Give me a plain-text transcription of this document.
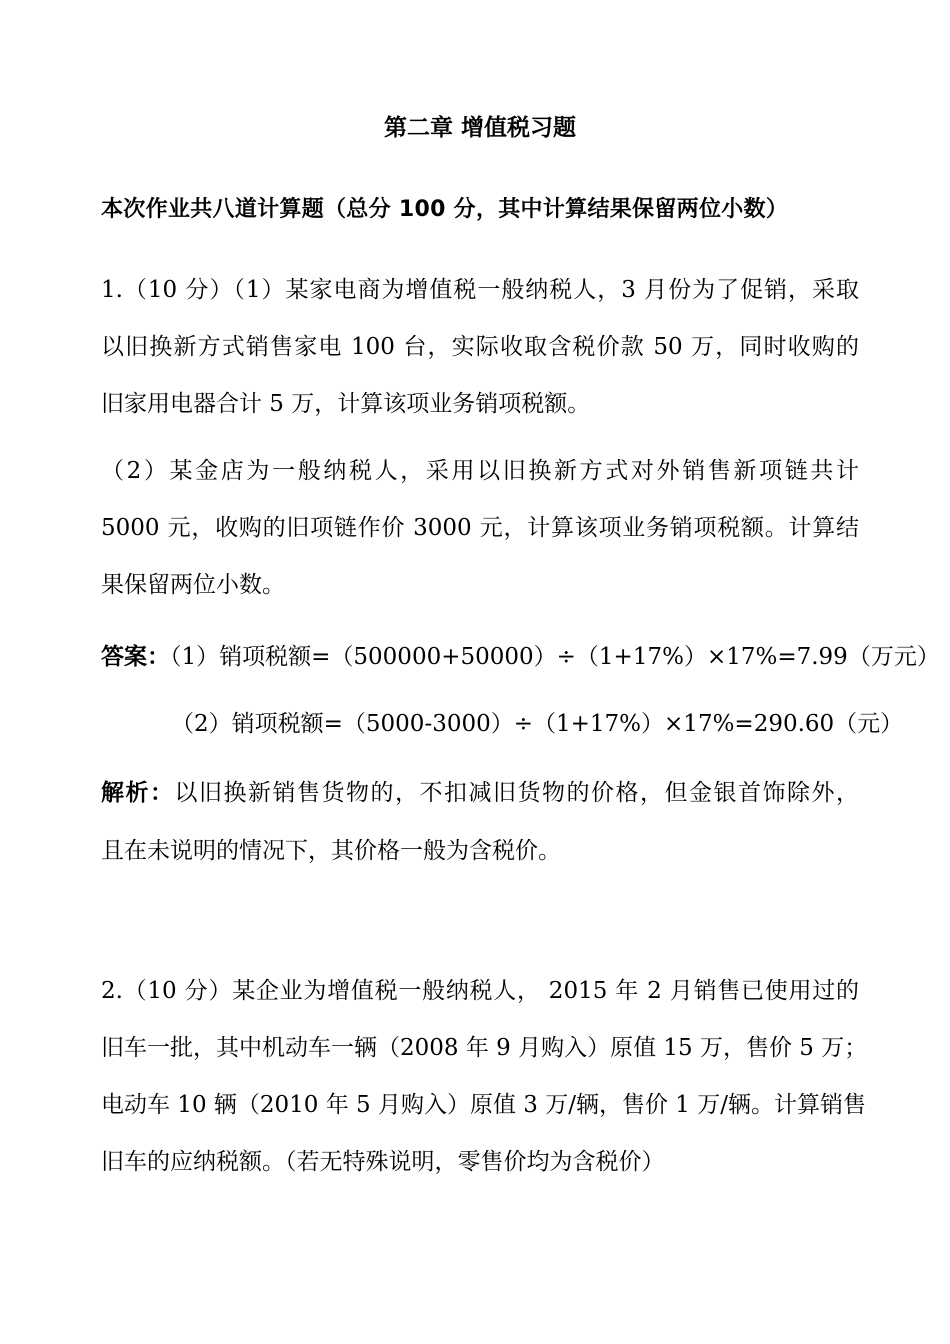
第二章 增值税习题
本次作业共八道计算题（总分 100 分，其中计算结果保留两位小数）
1.（10 分）（1）某家电商为增值税一般纳税人，3 月份为了促销，采取
以旧换新方式销售家电 100 台，实际收取含税价款 50 万，同时收购的
旧家用电器合计 5 万，计算该项业务销项税额。
（2）某金店为一般纳税人，采用以旧换新方式对外销售新项链共计
5000 元，收购的旧项链作价 3000 元，计算该项业务销项税额。计算结
果保留两位小数。
答案：（1）销项税额=（500000+50000）÷（1+17%）×17%=7.99（万元）
（2）销项税额=（5000-3000）÷（1+17%）×17%=290.60（元）
解析：以旧换新销售货物的，不扣减旧货物的价格，但金银首饰除外，
且在未说明的情况下，其价格一般为含税价。
2.（10 分）某企业为增值税一般纳税人， 2015 年 2 月销售已使用过的
旧车一批，其中机动车一辆（2008 年 9 月购入）原值 15 万，售价 5 万；
电动车 10 辆（2010 年 5 月购入）原值 3 万/辆，售价 1 万/辆。计算销售
旧车的应纳税额。（若无特殊说明，零售价均为含税价）
